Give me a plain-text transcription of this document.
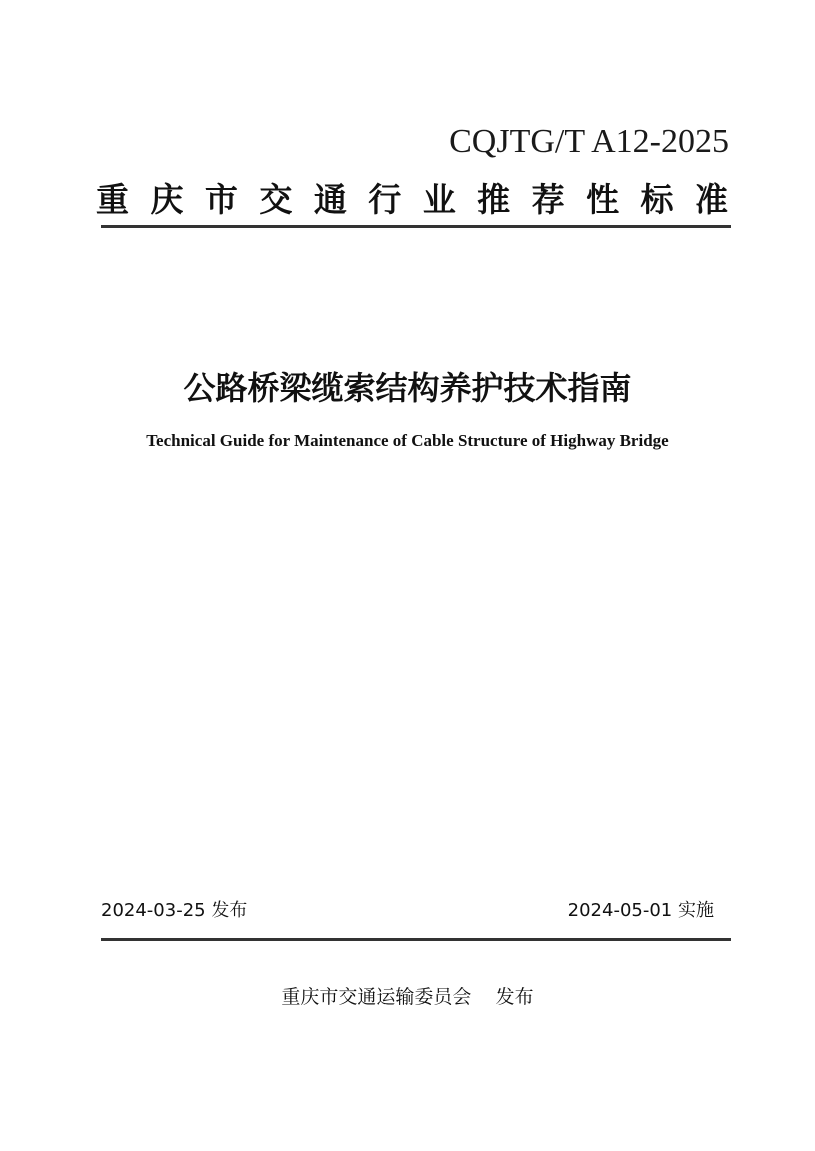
CQJTG/T A12-2025
重 庆 市 交 通 行 业 推 荐 性 标 准
公路桥梁缆索结构养护技术指南
Technical Guide for Maintenance of Cable Structure of Highway Bridge
2024-03-25 发布	2024-05-01 实施
重庆市交通运输委员会    发布
